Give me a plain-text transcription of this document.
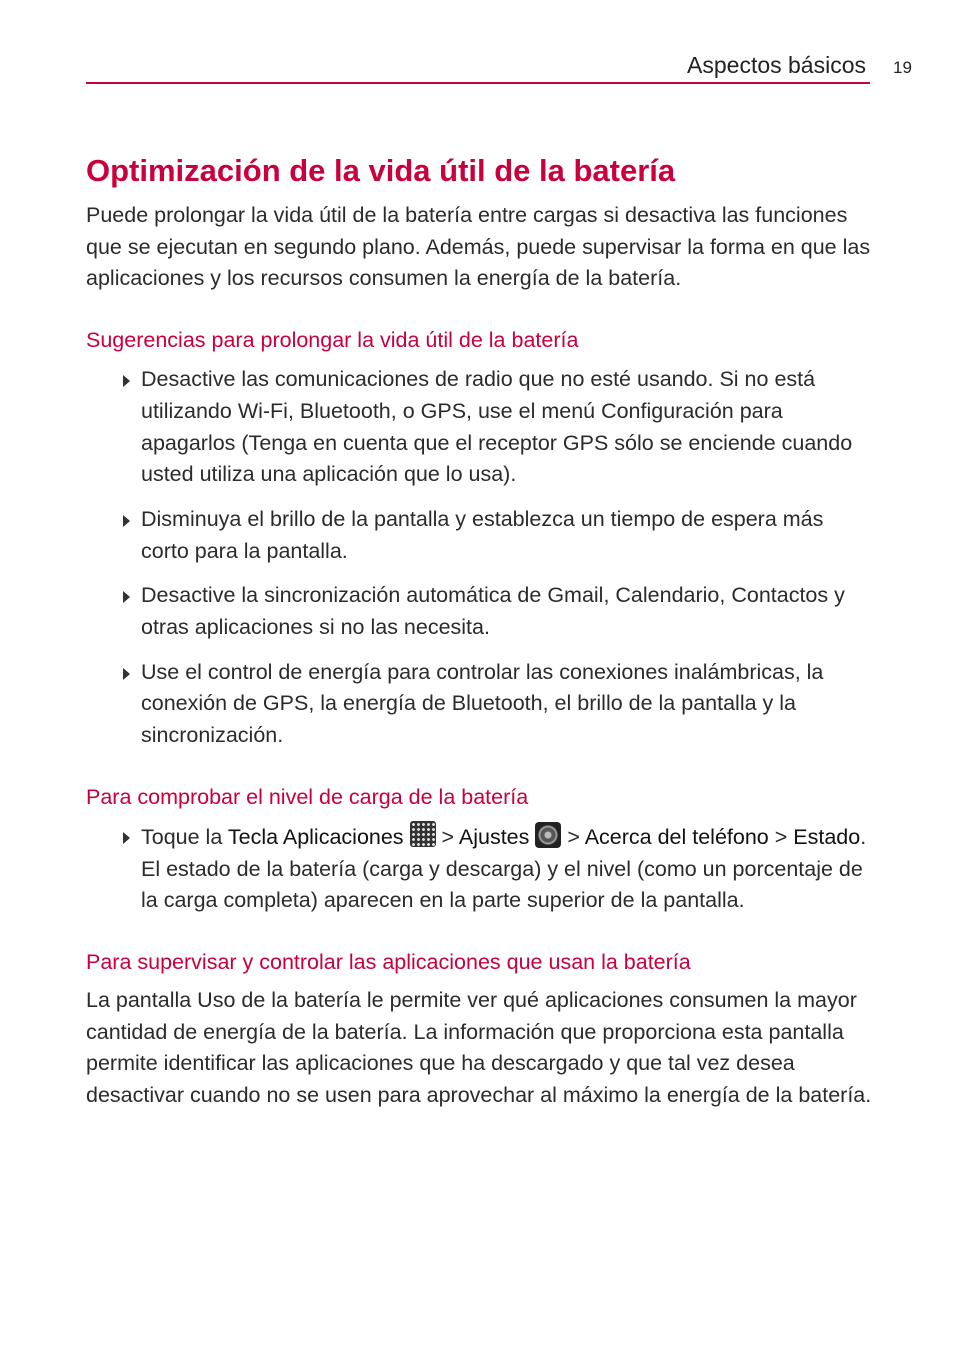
Aspectos básicos 19
Optimización de la vida útil de la batería

Puede prolongar la vida útil de la batería entre cargas si desactiva las funciones que se ejecutan en segundo plano. Además, puede supervisar la forma en que las aplicaciones y los recursos consumen la energía de la batería.

Sugerencias para prolongar la vida útil de la batería
Desactive las comunicaciones de radio que no esté usando. Si no está utilizando Wi-Fi, Bluetooth, o GPS, use el menú Configuración para apagarlos (Tenga en cuenta que el receptor GPS sólo se enciende cuando usted utiliza una aplicación que lo usa).
Disminuya el brillo de la pantalla y establezca un tiempo de espera más corto para la pantalla.
Desactive la sincronización automática de Gmail, Calendario, Contactos y otras aplicaciones si no las necesita.
Use el control de energía para controlar las conexiones inalámbricas, la conexión de GPS, la energía de Bluetooth, el brillo de la pantalla y la sincronización.
Para comprobar el nivel de carga de la batería
Toque la Tecla Aplicaciones  > Ajustes  > Acerca del teléfono > Estado. El estado de la batería (carga y descarga) y el nivel (como un porcentaje de la carga completa) aparecen en la parte superior de la pantalla.
Para supervisar y controlar las aplicaciones que usan la batería

La pantalla Uso de la batería le permite ver qué aplicaciones consumen la mayor cantidad de energía de la batería. La información que proporciona esta pantalla permite identificar las aplicaciones que ha descargado y que tal vez desea desactivar cuando no se usen para aprovechar al máximo la energía de la batería.
